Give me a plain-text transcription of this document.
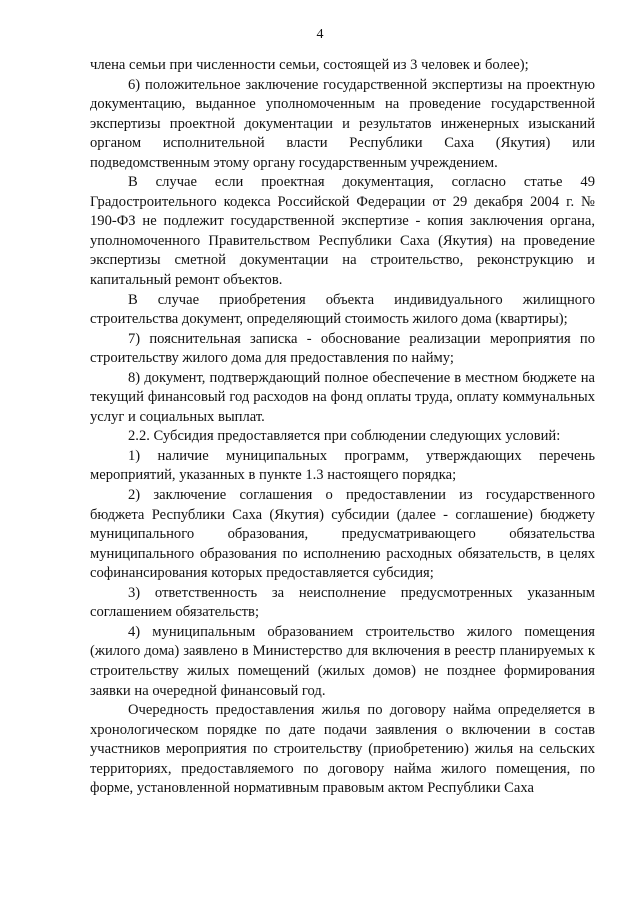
4

члена семьи при численности семьи, состоящей из 3 человек и более);

6) положительное заключение государственной экспертизы на проектную документацию, выданное уполномоченным на проведение государственной экспертизы проектной документации и результатов инженерных изысканий органом исполнительной власти Республики Саха (Якутия) или подведомственным этому органу государственным учреждением.

В случае если проектная документация, согласно статье 49 Градостроительного кодекса Российской Федерации от 29 декабря 2004 г. № 190-ФЗ не подлежит государственной экспертизе - копия заключения органа, уполномоченного Правительством Республики Саха (Якутия) на проведение экспертизы сметной документации на строительство, реконструкцию и капитальный ремонт объектов.

В случае приобретения объекта индивидуального жилищного строительства документ, определяющий стоимость жилого дома (квартиры);

7) пояснительная записка - обоснование реализации мероприятия по строительству жилого дома для предоставления по найму;

8) документ, подтверждающий полное обеспечение в местном бюджете на текущий финансовый год расходов на фонд оплаты труда, оплату коммунальных услуг и социальных выплат.

2.2. Субсидия предоставляется при соблюдении следующих условий:

1) наличие муниципальных программ, утверждающих перечень мероприятий, указанных в пункте 1.3 настоящего порядка;

2) заключение соглашения о предоставлении из государственного бюджета Республики Саха (Якутия) субсидии (далее - соглашение) бюджету муниципального образования, предусматривающего обязательства муниципального образования по исполнению расходных обязательств, в целях софинансирования которых предоставляется субсидия;

3) ответственность за неисполнение предусмотренных указанным соглашением обязательств;

4) муниципальным образованием строительство жилого помещения (жилого дома) заявлено в Министерство для включения в реестр планируемых к строительству жилых помещений (жилых домов) не позднее формирования заявки на очередной финансовый год.

Очередность предоставления жилья по договору найма определяется в хронологическом порядке по дате подачи заявления о включении в состав участников мероприятия по строительству (приобретению) жилья на сельских территориях, предоставляемого по договору найма жилого помещения, по форме, установленной нормативным правовым актом Республики Саха
